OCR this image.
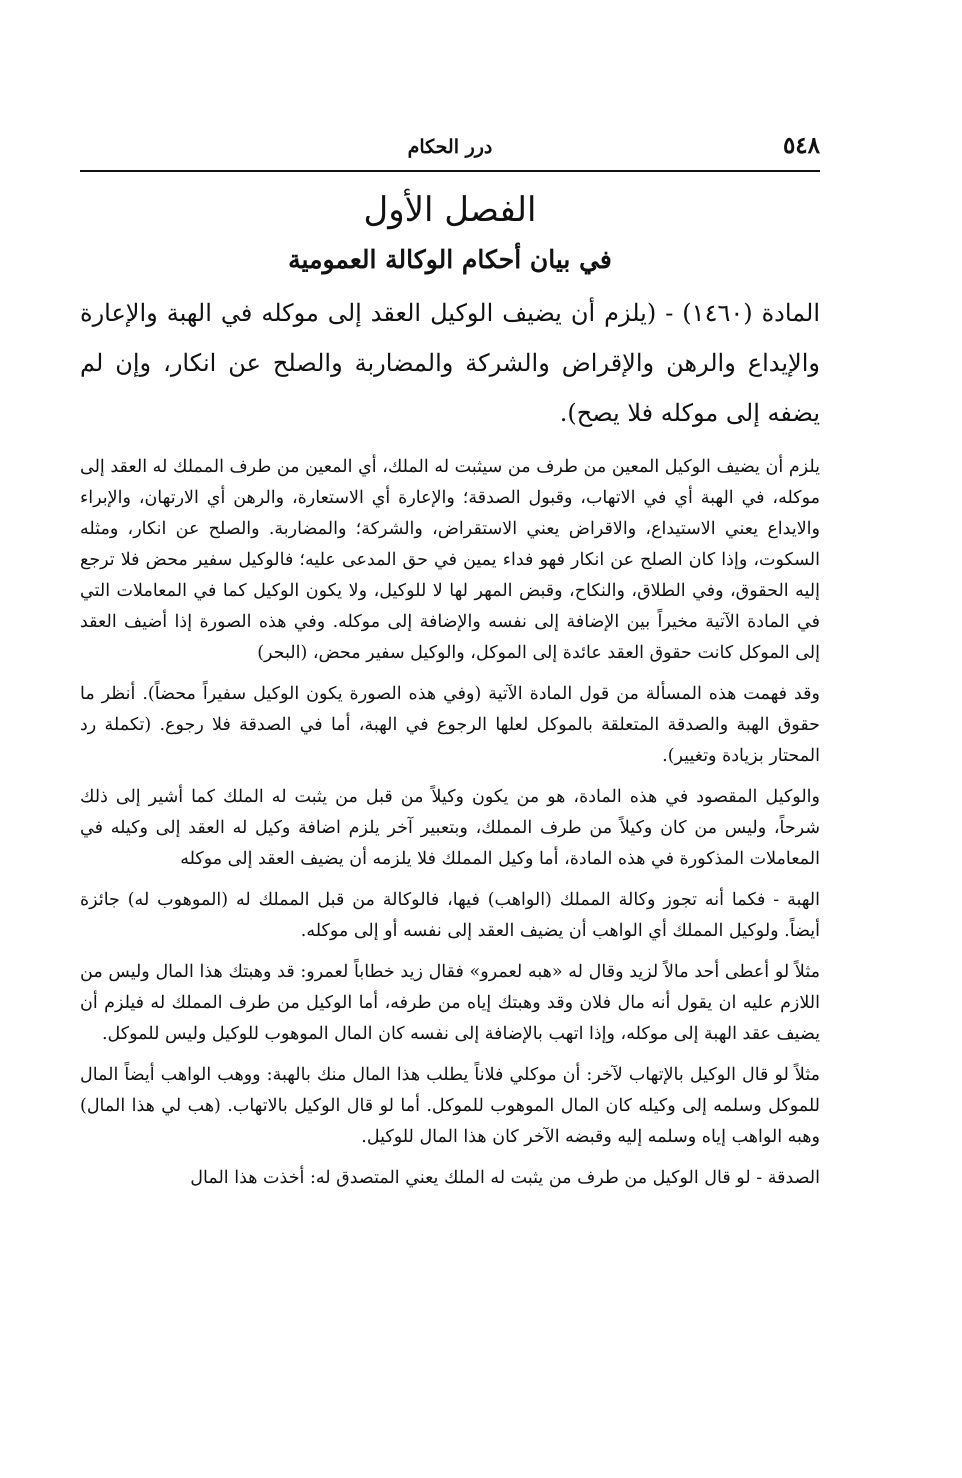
٥٤٨
درر الحكام
الفصل الأول
في بيان أحكام الوكالة العمومية

المادة (١٤٦٠) - (يلزم أن يضيف الوكيل العقد إلى موكله في الهبة والإعارة والإيداع والرهن والإقراض والشركة والمضاربة والصلح عن انكار، وإن لم يضفه إلى موكله فلا يصح).

يلزم أن يضيف الوكيل المعين من طرف من سيثبت له الملك، أي المعين من طرف المملك له العقد إلى موكله، في الهبة أي في الاتهاب، وقبول الصدقة؛ والإعارة أي الاستعارة، والرهن أي الارتهان، والإبراء والايداع يعني الاستيداع، والاقراض يعني الاستقراض، والشركة؛ والمضاربة. والصلح عن انكار، ومثله السكوت، وإذا كان الصلح عن انكار فهو فداء يمين في حق المدعى عليه؛ فالوكيل سفير محض فلا ترجع إليه الحقوق، وفي الطلاق، والنكاح، وقبض المهر لها لا للوكيل، ولا يكون الوكيل كما في المعاملات التي في المادة الآتية مخيراً بين الإضافة إلى نفسه والإضافة إلى موكله. وفي هذه الصورة إذا أضيف العقد إلى الموكل كانت حقوق العقد عائدة إلى الموكل، والوكيل سفير محض، (البحر)

وقد فهمت هذه المسألة من قول المادة الآتية (وفي هذه الصورة يكون الوكيل سفيراً محضاً). أنظر ما حقوق الهبة والصدقة المتعلقة بالموكل لعلها الرجوع في الهبة، أما في الصدقة فلا رجوع. (تكملة رد المحتار بزيادة وتغيير).

والوكيل المقصود في هذه المادة، هو من يكون وكيلاً من قبل من يثبت له الملك كما أشير إلى ذلك شرحاً، وليس من كان وكيلاً من طرف المملك، وبتعبير آخر يلزم اضافة وكيل له العقد إلى وكيله في المعاملات المذكورة في هذه المادة، أما وكيل المملك فلا يلزمه أن يضيف العقد إلى موكله

الهبة - فكما أنه تجوز وكالة المملك (الواهب) فيها، فالوكالة من قبل المملك له (الموهوب له) جائزة أيضاً. ولوكيل المملك أي الواهب أن يضيف العقد إلى نفسه أو إلى موكله.

مثلاً لو أعطى أحد مالاً لزيد وقال له «هبه لعمرو» فقال زيد خطاباً لعمرو: قد وهبتك هذا المال وليس من اللازم عليه ان يقول أنه مال فلان وقد وهبتك إياه من طرفه، أما الوكيل من طرف المملك له فيلزم أن يضيف عقد الهبة إلى موكله، وإذا اتهب بالإضافة إلى نفسه كان المال الموهوب للوكيل وليس للموكل.

مثلاً لو قال الوكيل بالإتهاب لآخر: أن موكلي فلاناً يطلب هذا المال منك بالهبة: ووهب الواهب أيضاً المال للموكل وسلمه إلى وكيله كان المال الموهوب للموكل. أما لو قال الوكيل بالاتهاب. (هب لي هذا المال) وهبه الواهب إياه وسلمه إليه وقبضه الآخر كان هذا المال للوكيل.

الصدقة - لو قال الوكيل من طرف من يثبت له الملك يعني المتصدق له: أخذت هذا المال
